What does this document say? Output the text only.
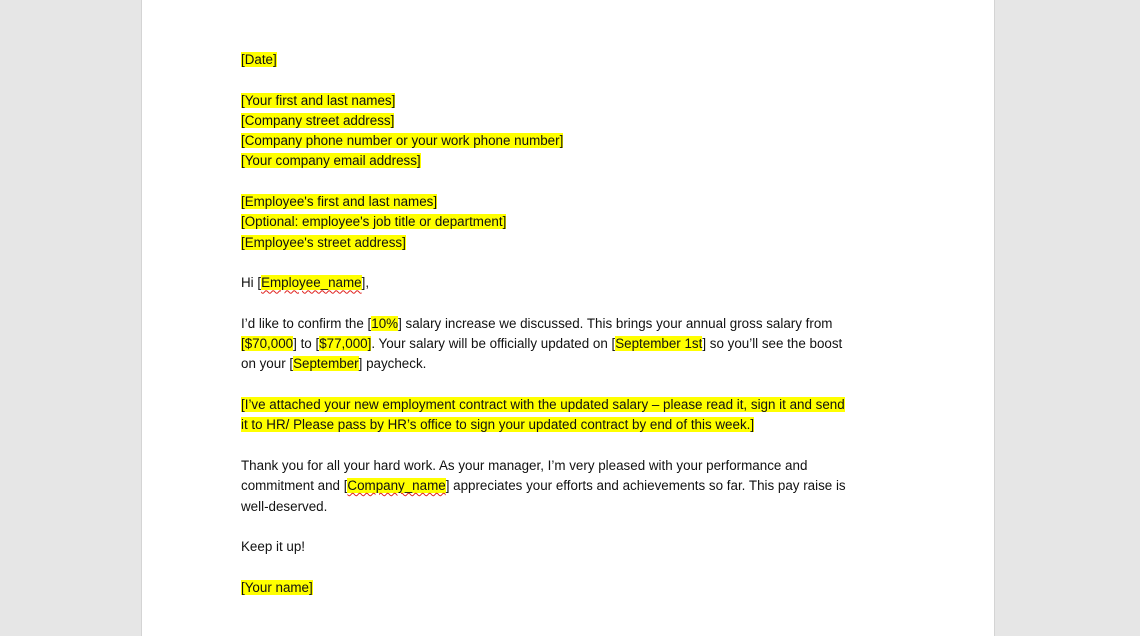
[Date]

[Your first and last names]
[Company street address]
[Company phone number or your work phone number]
[Your company email address]

[Employee's first and last names]
[Optional: employee's job title or department]
[Employee's street address]

Hi [Employee_name],

I’d like to confirm the [10%] salary increase we discussed. This brings your annual gross salary from
[$70,000] to [$77,000]. Your salary will be officially updated on [September 1st] so you’ll see the boost
on your [September] paycheck.

[I’ve attached your new employment contract with the updated salary – please read it, sign it and send
it to HR/ Please pass by HR’s office to sign your updated contract by end of this week.]

Thank you for all your hard work. As your manager, I’m very pleased with your performance and
commitment and [Company_name] appreciates your efforts and achievements so far. This pay raise is
well-deserved.

Keep it up!

[Your name]
